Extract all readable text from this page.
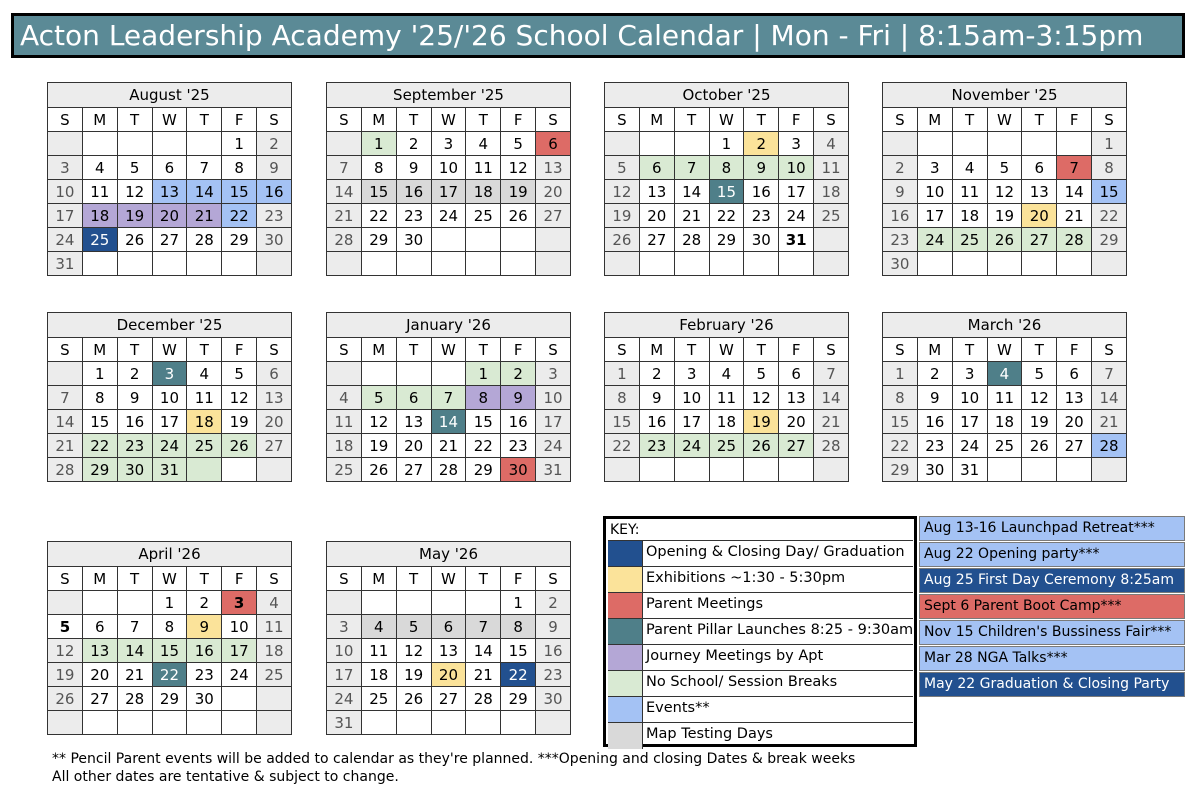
Acton Leadership Academy '25/'26 School Calendar | Mon - Fri | 8:15am-3:15pm
August '25						
S	M	T	W	T	F	S
					1	2
3	4	5	6	7	8	9
10	11	12	13	14	15	16
17	18	19	20	21	22	23
24	25	26	27	28	29	30
31						
September '25						
S	M	T	W	T	F	S
	1	2	3	4	5	6
7	8	9	10	11	12	13
14	15	16	17	18	19	20
21	22	23	24	25	26	27
28	29	30				

October '25						
S	M	T	W	T	F	S
			1	2	3	4
5	6	7	8	9	10	11
12	13	14	15	16	17	18
19	20	21	22	23	24	25
26	27	28	29	30	31	

November '25						
S	M	T	W	T	F	S
						1
2	3	4	5	6	7	8
9	10	11	12	13	14	15
16	17	18	19	20	21	22
23	24	25	26	27	28	29
30						
December '25						
S	M	T	W	T	F	S
	1	2	3	4	5	6
7	8	9	10	11	12	13
14	15	16	17	18	19	20
21	22	23	24	25	26	27
28	29	30	31			
January '26						
S	M	T	W	T	F	S
				1	2	3
4	5	6	7	8	9	10
11	12	13	14	15	16	17
18	19	20	21	22	23	24
25	26	27	28	29	30	31
February '26						
S	M	T	W	T	F	S
1	2	3	4	5	6	7
8	9	10	11	12	13	14
15	16	17	18	19	20	21
22	23	24	25	26	27	28

March '26						
S	M	T	W	T	F	S
1	2	3	4	5	6	7
8	9	10	11	12	13	14
15	16	17	18	19	20	21
22	23	24	25	26	27	28
29	30	31				
April '26						
S	M	T	W	T	F	S
			1	2	3	4
5	6	7	8	9	10	11
12	13	14	15	16	17	18
19	20	21	22	23	24	25
26	27	28	29	30		

May '26						
S	M	T	W	T	F	S
					1	2
3	4	5	6	7	8	9
10	11	12	13	14	15	16
17	18	19	20	21	22	23
24	25	26	27	28	29	30
31						
KEY:
Opening & Closing Day/ Graduation
Exhibitions ~1:30 - 5:30pm
Parent Meetings
Parent Pillar Launches 8:25 - 9:30am
Journey Meetings by Apt
No School/ Session Breaks
Events**
Map Testing Days
Aug 13-16 Launchpad Retreat***
Aug 22 Opening party***
Aug 25 First Day Ceremony 8:25am
Sept 6 Parent Boot Camp***
Nov 15 Children's Bussiness Fair***
Mar 28 NGA Talks***
May 22 Graduation & Closing Party
** Pencil Parent events will be added to calendar as they're planned. ***Opening and closing Dates & break weeks
All other dates are tentative & subject to change.
